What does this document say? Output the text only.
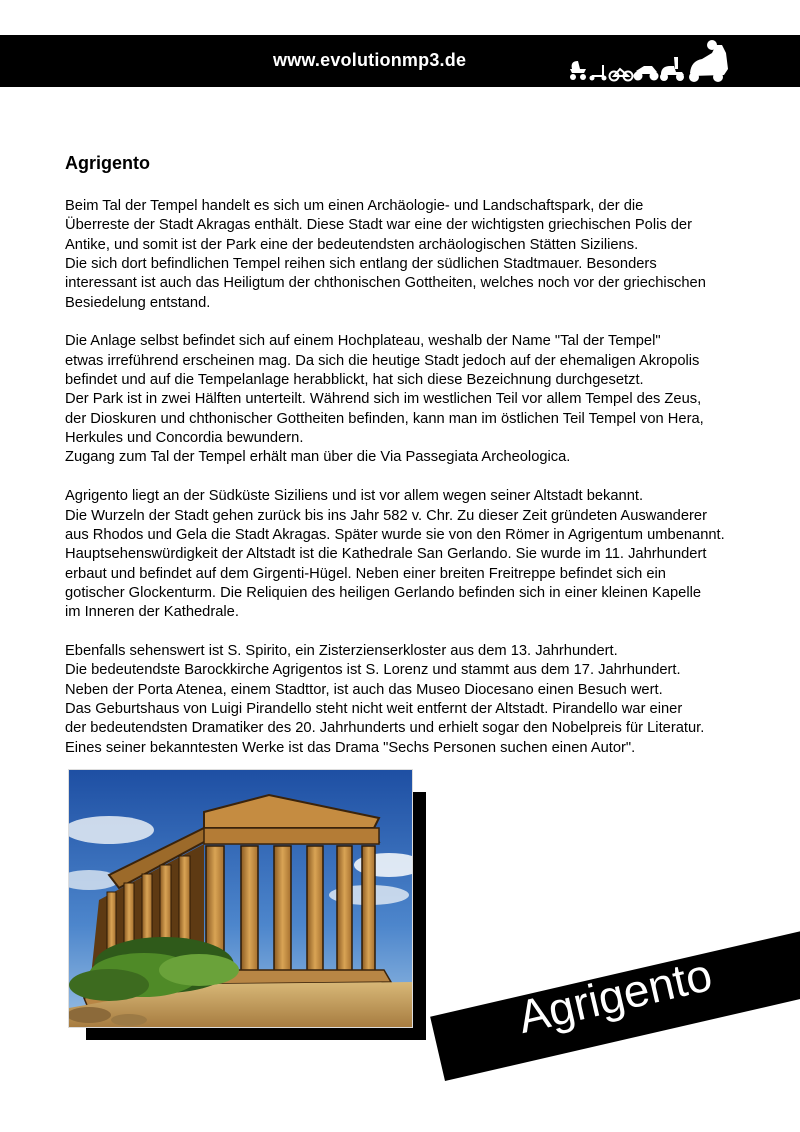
www.evolutionmp3.de
Agrigento
Beim Tal der Tempel handelt es sich um einen Archäologie- und Landschaftspark, der die
Überreste der Stadt Akragas enthält. Diese Stadt war eine der wichtigsten griechischen Polis der
Antike, und somit ist der Park eine der bedeutendsten archäologischen Stätten Siziliens.
Die sich dort befindlichen Tempel reihen sich entlang der südlichen Stadtmauer. Besonders
interessant ist auch das Heiligtum der chthonischen Gottheiten, welches noch vor der griechischen
Besiedelung entstand.
Die Anlage selbst befindet sich auf einem Hochplateau, weshalb der Name "Tal der Tempel"
etwas irreführend erscheinen mag. Da sich die heutige Stadt jedoch auf der ehemaligen Akropolis
befindet und auf die Tempelanlage herabblickt, hat sich diese Bezeichnung durchgesetzt.
Der Park ist in zwei Hälften unterteilt. Während sich im westlichen Teil vor allem Tempel des Zeus,
der Dioskuren und chthonischer Gottheiten befinden, kann man im östlichen Teil Tempel von Hera,
Herkules und Concordia bewundern.
Zugang zum Tal der Tempel erhält man über die Via Passegiata Archeologica.
Agrigento liegt an der Südküste Siziliens und ist vor allem wegen seiner Altstadt bekannt.
Die Wurzeln der Stadt gehen zurück bis ins Jahr 582 v. Chr. Zu dieser Zeit gründeten Auswanderer
aus Rhodos und Gela die Stadt Akragas. Später wurde sie von den Römer in Agrigentum umbenannt.
Hauptsehenswürdigkeit der Altstadt ist die Kathedrale San Gerlando. Sie wurde im 11. Jahrhundert
erbaut und befindet auf dem Girgenti-Hügel. Neben einer breiten Freitreppe befindet sich ein
gotischer Glockenturm. Die Reliquien des heiligen Gerlando befinden sich in einer kleinen Kapelle
im Inneren der Kathedrale.
Ebenfalls sehenswert ist S. Spirito, ein Zisterzienserkloster aus dem 13. Jahrhundert.
Die bedeutendste Barockkirche Agrigentos ist S. Lorenz und stammt aus dem 17. Jahrhundert.
Neben der Porta Atenea, einem Stadttor, ist auch das Museo Diocesano einen Besuch wert.
Das Geburtshaus von Luigi Pirandello steht nicht weit entfernt der Altstadt. Pirandello war einer
der bedeutendsten Dramatiker des 20. Jahrhunderts und erhielt sogar den Nobelpreis für Literatur.
Eines seiner bekanntesten Werke ist das Drama "Sechs Personen suchen einen Autor".
Agrigento
